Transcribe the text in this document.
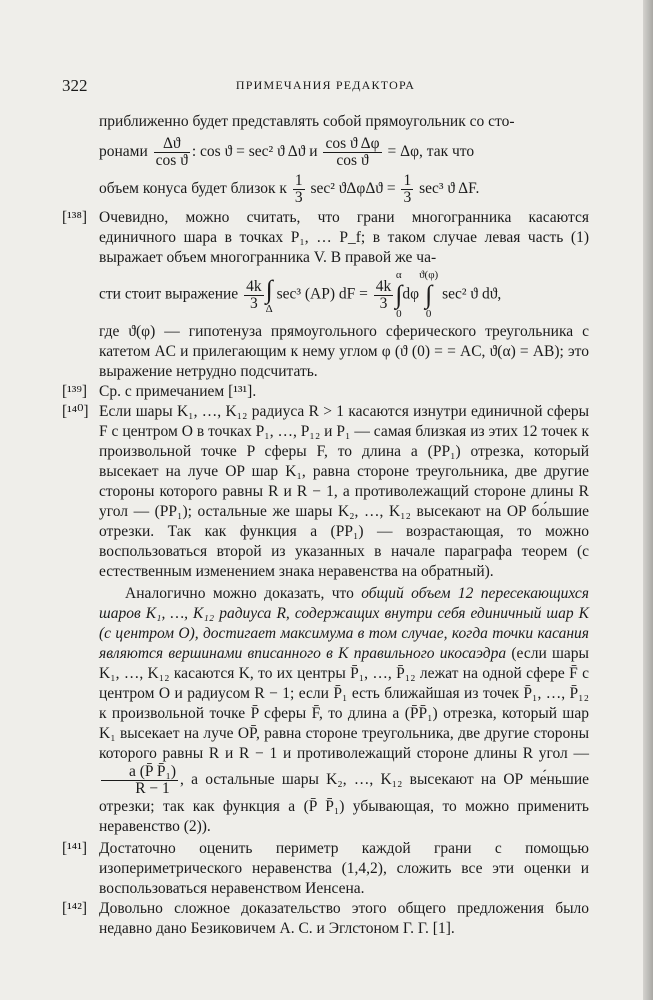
322	ПРИМЕЧАНИЯ РЕДАКТОРА

приближенно будет представлять собой прямоугольник со сто-

ронами $\frac{\Delta ϑ}{\text{cos ϑ}}$ : cos ϑ = sec² ϑ Δϑ и $\frac{\text{cos ϑ Δφ}}{\text{cos ϑ}} = \Delta\varphi$, так что

объем конуса будет близок к $\frac{1}{3} \sec^2$ $ϑ\Delta\varphi\Delta ϑ = \frac{1}{3} \sec^3$ ϑ ΔF.

[¹³⁸] Очевидно, можно считать, что грани многогранника касаются единичного шара в точках P₁, … P_f; в таком случае левая часть (1) выражает объем многогранника V. В правой же ча-

сти стоит выражение $\frac{4k}{3}$ ∫
Δ
sec³ (AP) dF = $\frac{4k}{3}$
α
∫
0
dφ
ϑ(φ)
∫
0
sec² ϑ dϑ,

где ϑ(φ) — гипотенуза прямоугольного сферического треугольника с катетом AC и прилегающим к нему углом φ (ϑ (0) = = AC, ϑ(α) = AB); это выражение нетрудно подсчитать.

[¹³⁹] Ср. с примечанием [¹³¹].

[¹⁴⁰] Если шары K₁, …, K₁₂ радиуса R > 1 касаются изнутри единичной сферы F с центром O в точках P₁, …, P₁₂ и P₁ — самая близкая из этих 12 точек к произвольной точке P сферы F, то длина a (PP₁) отрезка, который высекает на луче OP шар K₁, равна стороне треугольника, две другие стороны которого равны R и R − 1, а противолежащий стороне длины R угол — (PP₁); остальные же шары K₂, …, K₁₂ высекают на OP бо́льшие отрезки. Так как функция a (PP₁) — возрастающая, то можно воспользоваться второй из указанных в начале параграфа теорем (с естественным изменением знака неравенства на обратный).

Аналогично можно доказать, что общий объем 12 пересекающихся шаров K₁, …, K₁₂ радиуса R, содержащих внутри себя единичный шар K (с центром O), достигает максимума в том случае, когда точки касания являются вершинами вписанного в K правильного икосаэдра (если шары K₁, …, K₁₂ касаются K, то их центры P̄₁, …, P̄₁₂ лежат на одной сфере F̄ с центром O и радиусом R − 1; если P̄₁ есть ближайшая из точек P̄₁, …, P̄₁₂ к произвольной точке P̄ сферы F̄, то длина a (P̄P̄₁) отрезка, который шар K₁ высекает на луче OP̄, равна стороне треугольника, две другие стороны которого равны R и R − 1 и противолежащий стороне длины R угол —
$\frac{\text{a (P̄ P̄₁)}}{R - 1}$ , а остальные шары K₂, …, K₁₂ высекают на OP ме́ньшие отрезки; так как функция a (P̄ P̄₁) убывающая, то можно применить неравенство (2)).

[¹⁴¹] Достаточно оценить периметр каждой грани с помощью изопериметрического неравенства (1,4,2), сложить все эти оценки и воспользоваться неравенством Иенсена.

[¹⁴²] Довольно сложное доказательство этого общего предложения было недавно дано Безиковичем А. С. и Эглстоном Г. Г. [1].
